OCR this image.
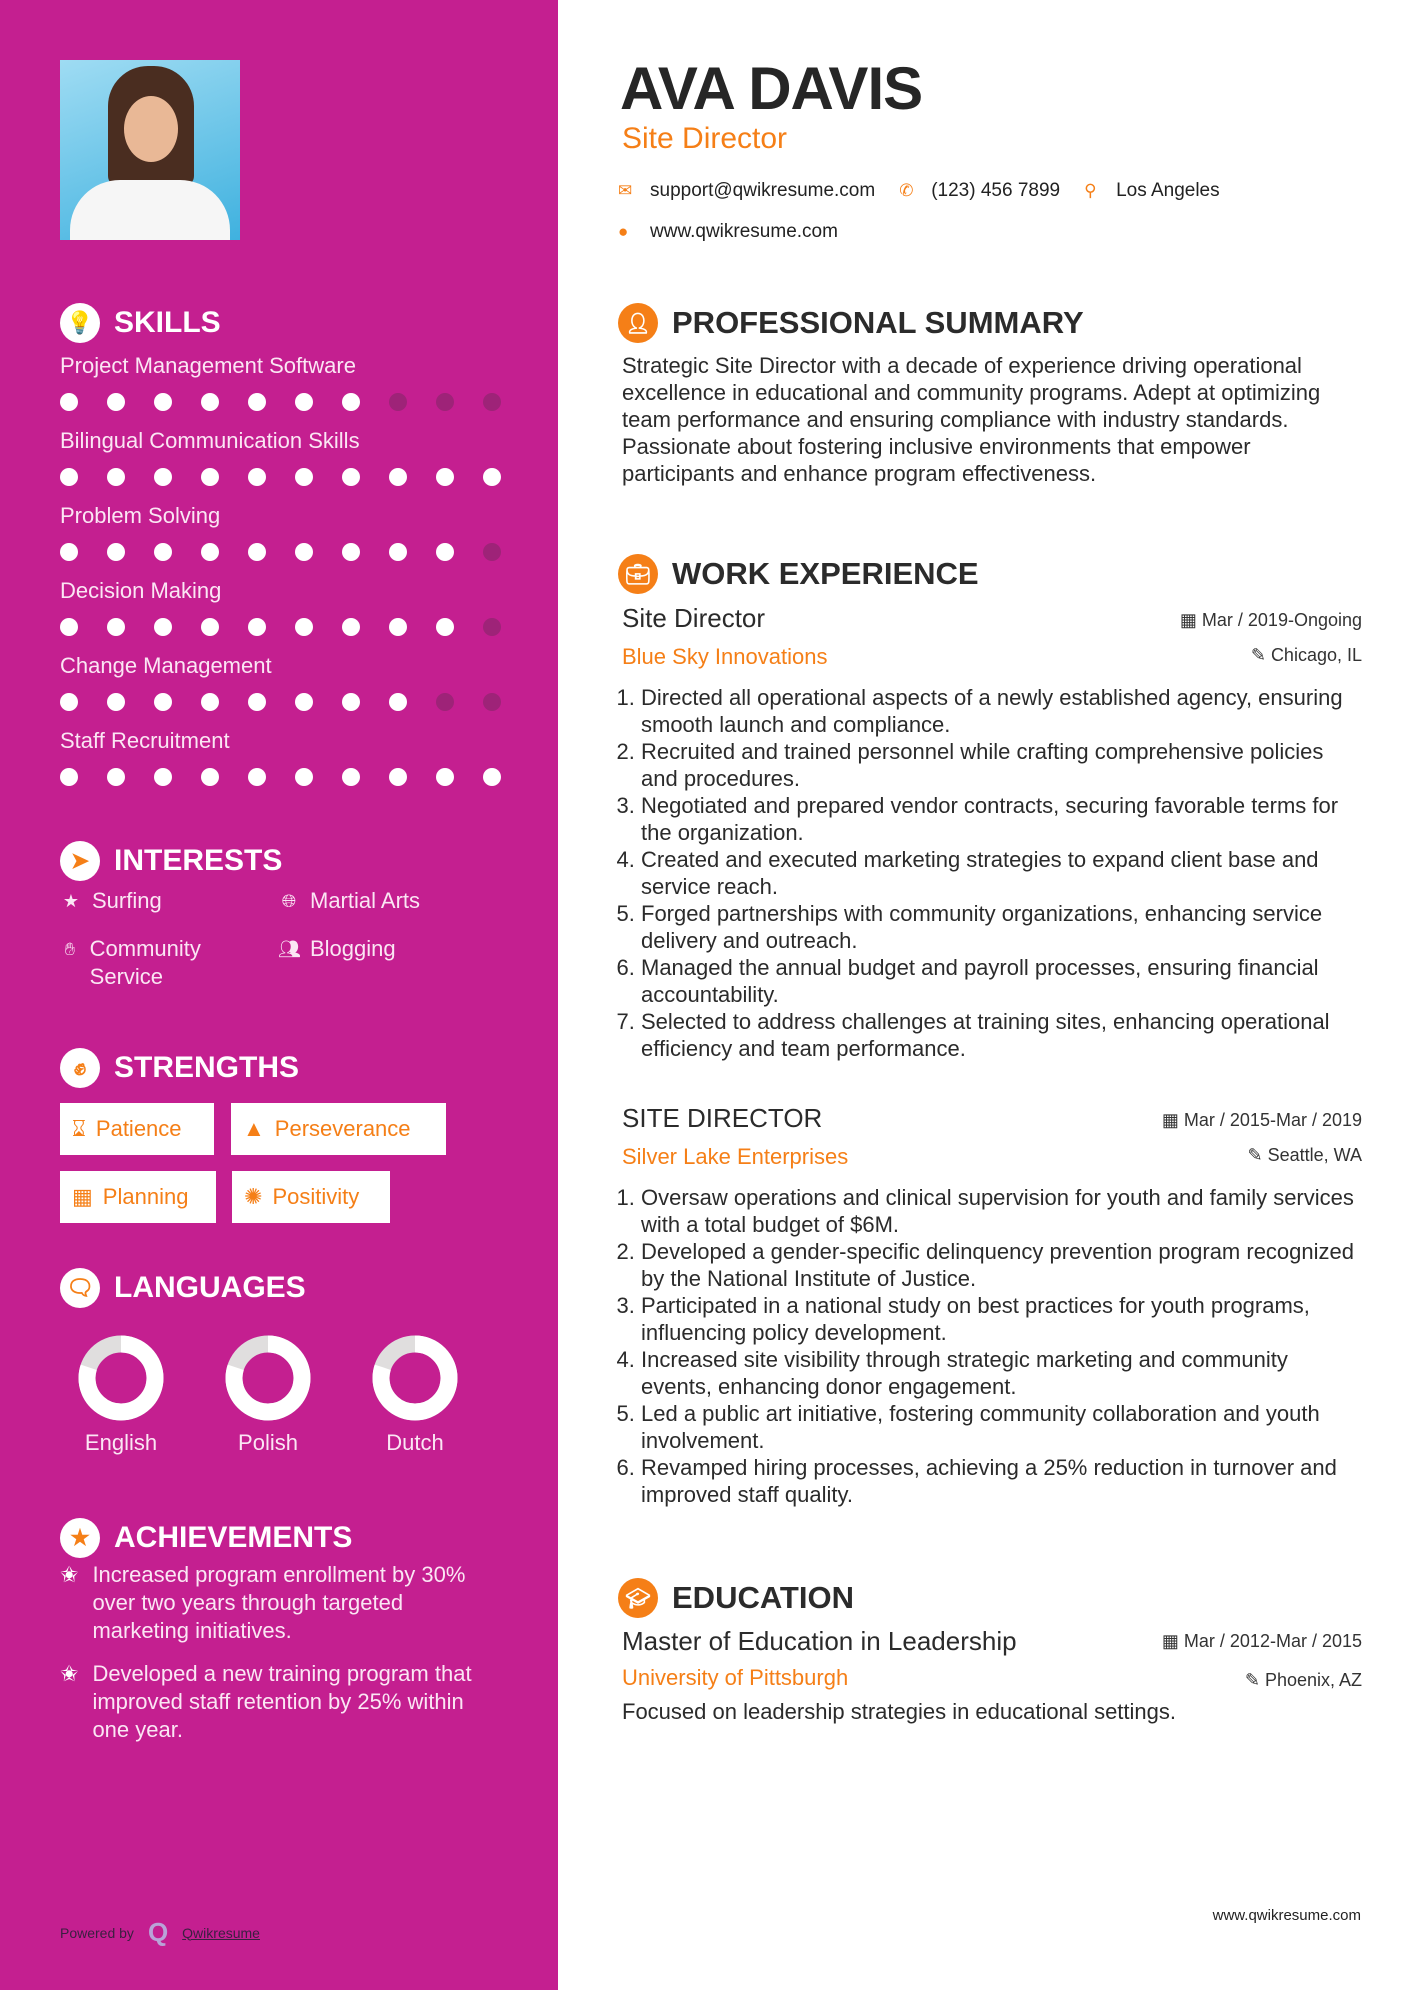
💡 SKILLS
Project Management Software
Bilingual Communication Skills
Problem Solving
Decision Making
Change Management
Staff Recruitment
➤ INTERESTS
★ Surfing	🌐︎ Martial Arts
✋︎ Community Service
👥︎ Blogging
✊︎ STRENGTHS
⌛︎ Patience	▲ Perseverance
▦ Planning	✺ Positivity
🗨︎ LANGUAGES
English	Polish	Dutch
★ ACHIEVEMENTS
✬ Increased program enrollment by 30% over two years through targeted marketing initiatives.
✬ Developed a new training program that improved staff retention by 25% within one year.
Powered by Q Qwikresume
AVA DAVIS
Site Director
✉ support@qwikresume.com ✆ (123) 456 7899 ⚲	Los Angeles
●	www.qwikresume.com
👤︎ PROFESSIONAL SUMMARY
Strategic Site Director with a decade of experience driving operational excellence in educational and community programs. Adept at optimizing team performance and ensuring compliance with industry standards. Passionate about fostering inclusive environments that empower participants and enhance program effectiveness.
💼︎ WORK EXPERIENCE
Site Director	▦ Mar / 2019-Ongoing
Blue Sky Innovations	✎ Chicago, IL
1. Directed all operational aspects of a newly established agency, ensuring smooth launch and compliance.
2. Recruited and trained personnel while crafting comprehensive policies and procedures.
3. Negotiated and prepared vendor contracts, securing favorable terms for the organization.
4. Created and executed marketing strategies to expand client base and service reach.
5. Forged partnerships with community organizations, enhancing service delivery and outreach.
6. Managed the annual budget and payroll processes, ensuring financial accountability.
7. Selected to address challenges at training sites, enhancing operational efficiency and team performance.
SITE DIRECTOR	▦ Mar / 2015-Mar / 2019
Silver Lake Enterprises	✎ Seattle, WA
1. Oversaw operations and clinical supervision for youth and family services with a total budget of $6M.
2. Developed a gender-specific delinquency prevention program recognized by the National Institute of Justice.
3. Participated in a national study on best practices for youth programs, influencing policy development.
4. Increased site visibility through strategic marketing and community events, enhancing donor engagement.
5. Led a public art initiative, fostering community collaboration and youth involvement.
6. Revamped hiring processes, achieving a 25% reduction in turnover and improved staff quality.
🎓︎ EDUCATION
Master of Education in Leadership	▦ Mar / 2012-Mar / 2015
University of Pittsburgh	✎ Phoenix, AZ
Focused on leadership strategies in educational settings.
www.qwikresume.com
